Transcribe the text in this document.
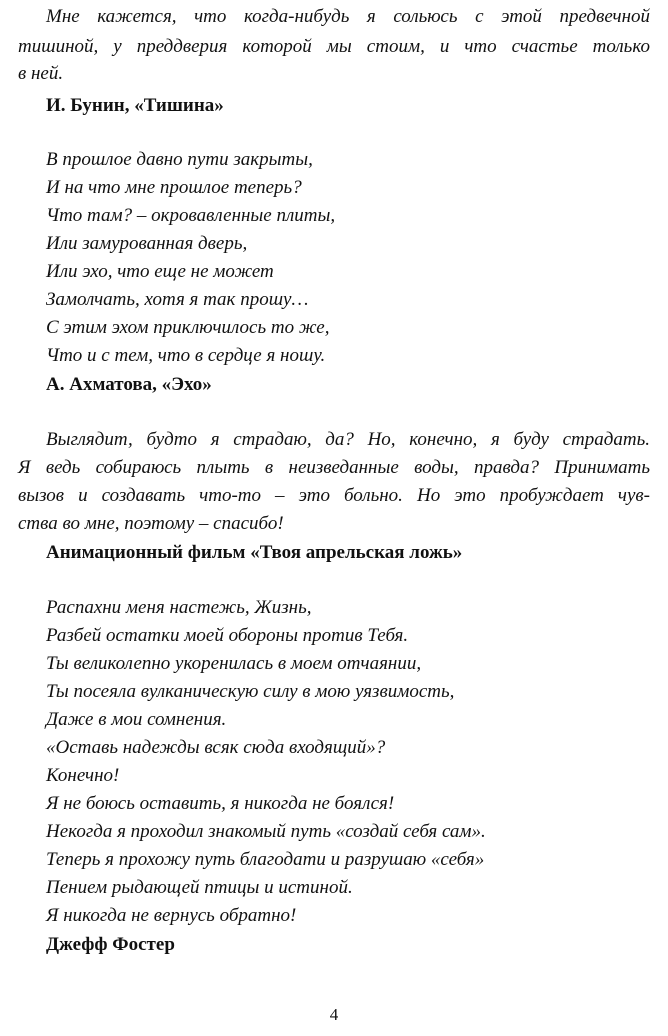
Мне кажется, что когда-нибудь я сольюсь с этой предвечной
тишиной, у преддверия которой мы стоим, и что счастье только
в ней.
И. Бунин, «Тишина»
В прошлое давно пути закрыты,
И на что мне прошлое теперь?
Что там? – окровавленные плиты,
Или замурованная дверь,
Или эхо, что еще не может
Замолчать, хотя я так прошу…
С этим эхом приключилось то же,
Что и с тем, что в сердце я ношу.
А. Ахматова, «Эхо»
Выглядит, будто я страдаю, да? Но, конечно, я буду страдать.
Я ведь собираюсь плыть в неизведанные воды, правда? Принимать
вызов и создавать что-то – это больно. Но это пробуждает чув-
ства во мне, поэтому – спасибо!
Анимационный фильм «Твоя апрельская ложь»
Распахни меня настежь, Жизнь,
Разбей остатки моей обороны против Тебя.
Ты великолепно укоренилась в моем отчаянии,
Ты посеяла вулканическую силу в мою уязвимость,
Даже в мои сомнения.
«Оставь надежды всяк сюда входящий»?
Конечно!
Я не боюсь оставить, я никогда не боялся!
Некогда я проходил знакомый путь «создай себя сам».
Теперь я прохожу путь благодати и разрушаю «себя»
Пением рыдающей птицы и истиной.
Я никогда не вернусь обратно!
Джефф Фостер
4
